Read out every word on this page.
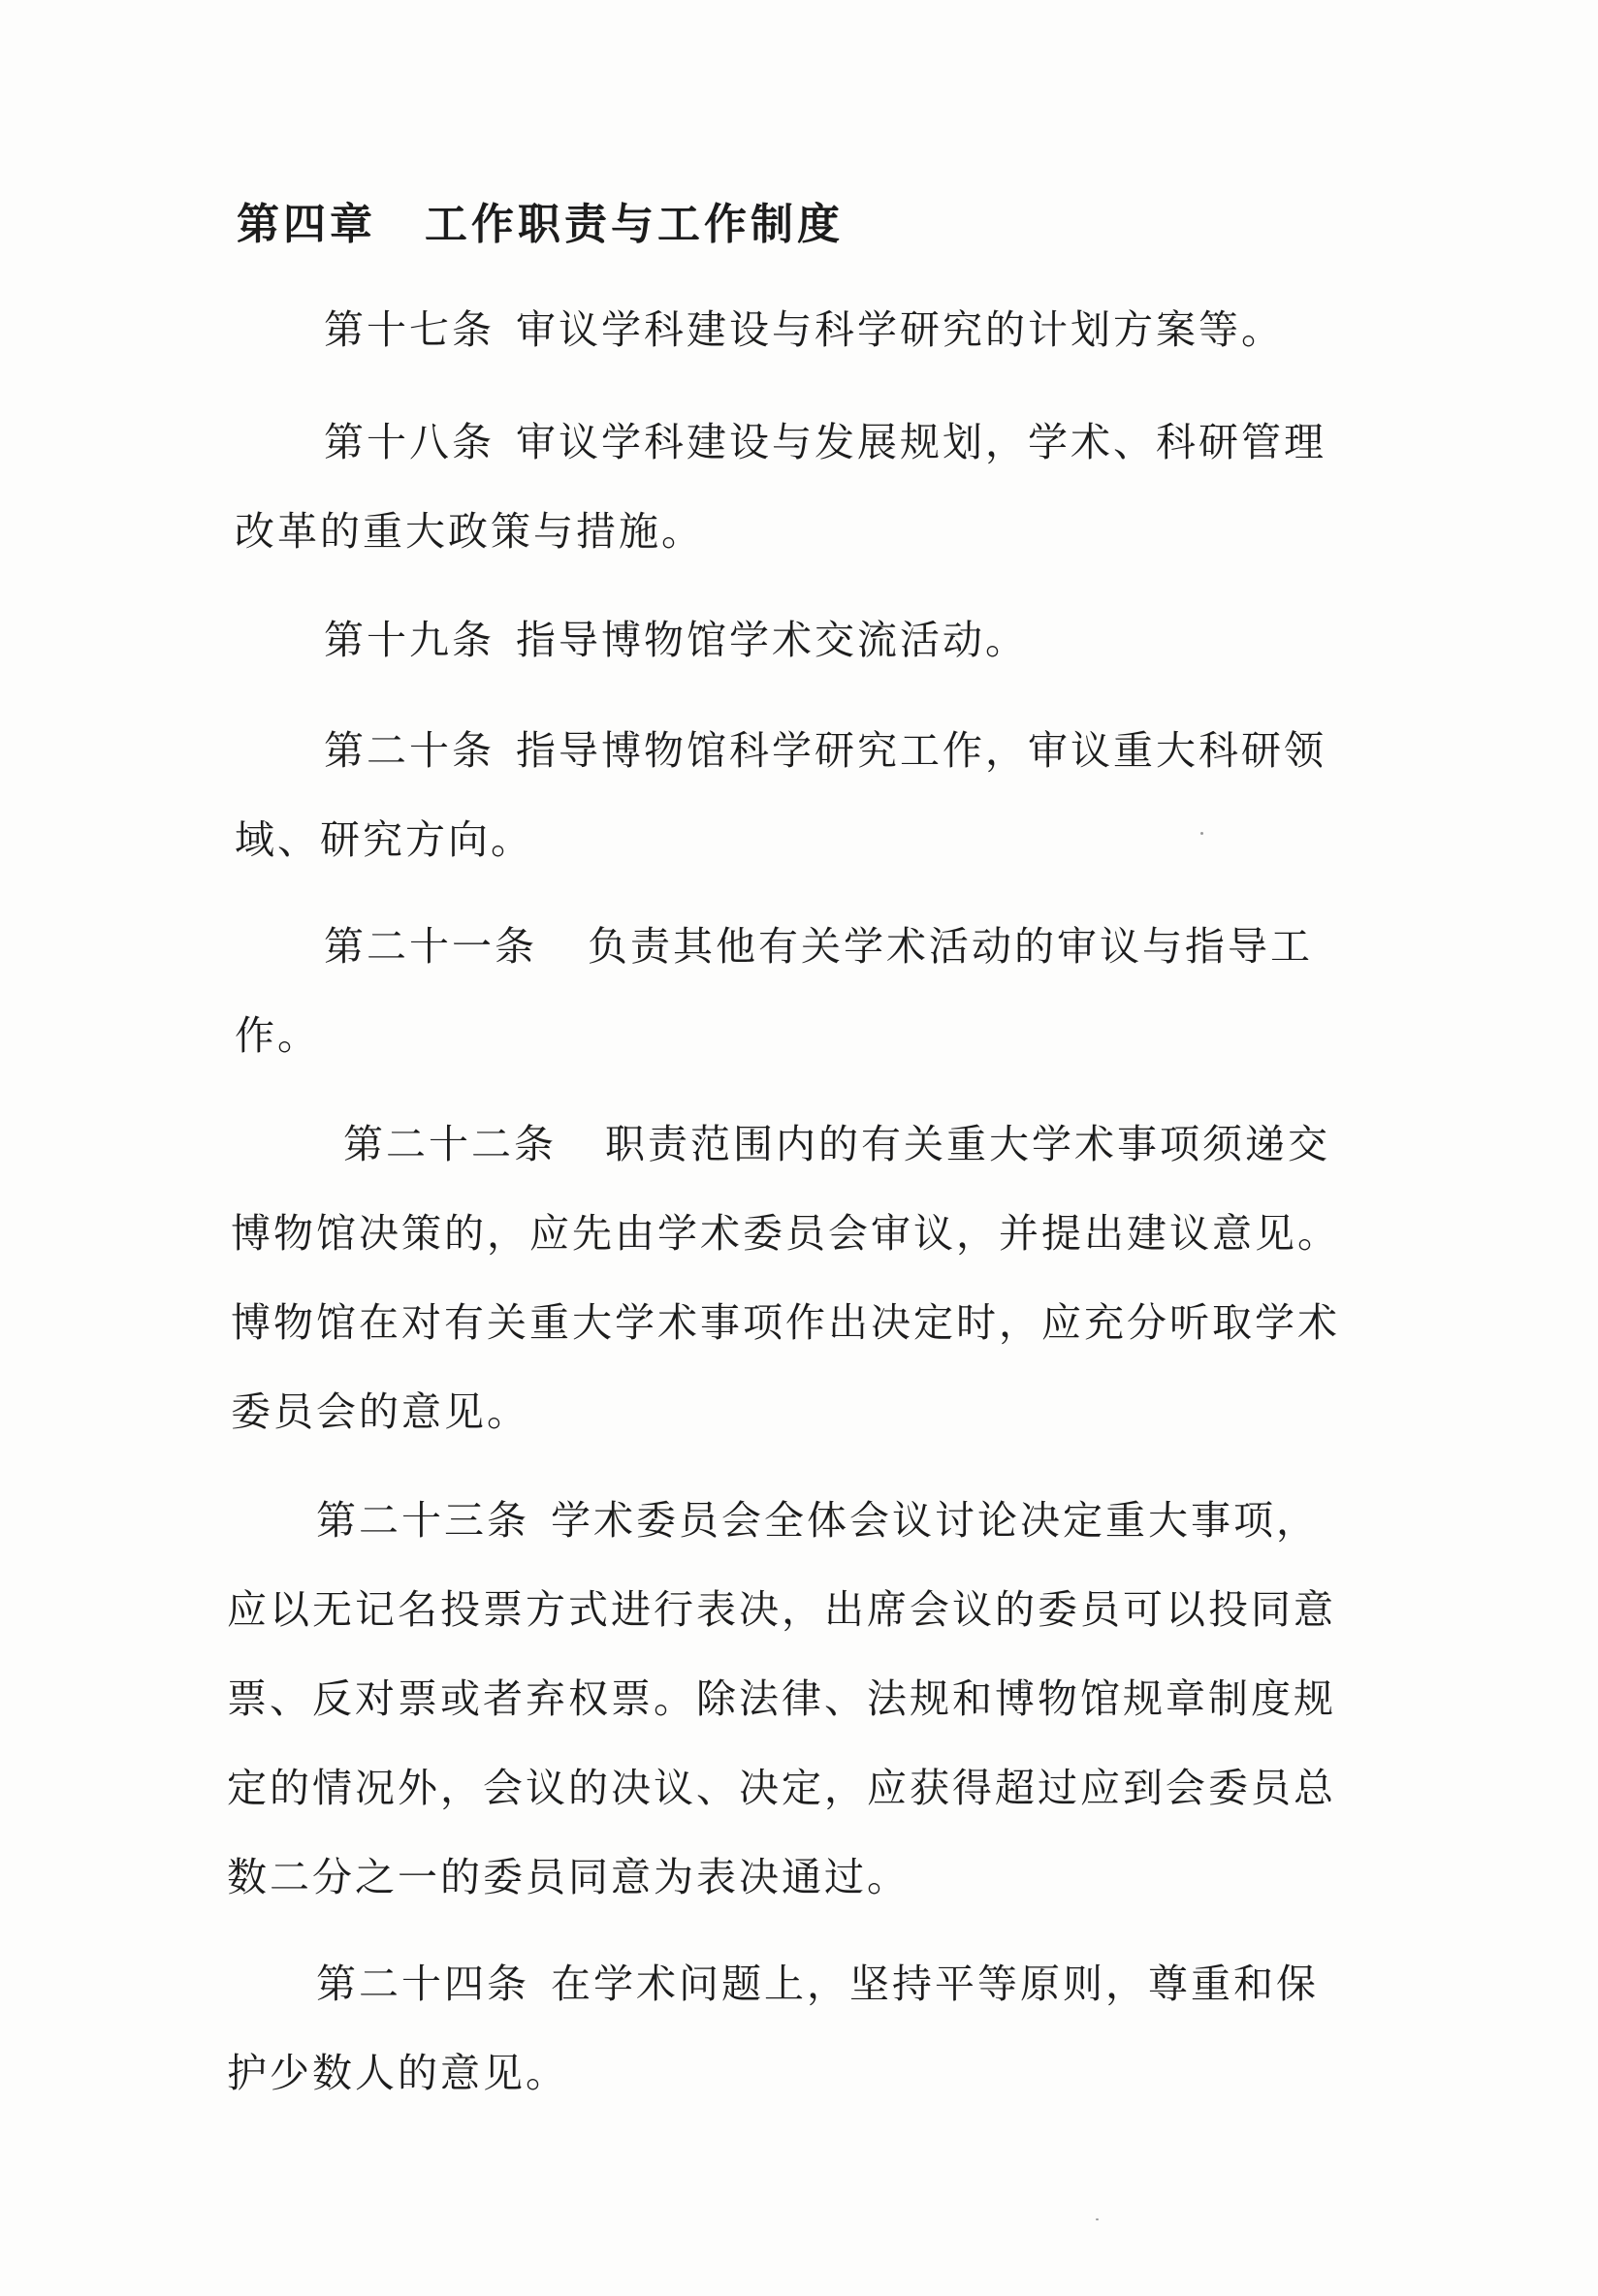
第四章 工作职责与工作制度
第十七条 审议学科建设与科学研究的计划方案等。
第十八条 审议学科建设与发展规划，学术、科研管理
改革的重大政策与措施。
第十九条 指导博物馆学术交流活动。
第二十条 指导博物馆科学研究工作，审议重大科研领
域、研究方向。
第二十一条 负责其他有关学术活动的审议与指导工
作。
第二十二条 职责范围内的有关重大学术事项须递交
博物馆决策的，应先由学术委员会审议，并提出建议意见。
博物馆在对有关重大学术事项作出决定时，应充分听取学术
委员会的意见。
第二十三条 学术委员会全体会议讨论决定重大事项，
应以无记名投票方式进行表决，出席会议的委员可以投同意
票、反对票或者弃权票。除法律、法规和博物馆规章制度规
定的情况外，会议的决议、决定，应获得超过应到会委员总
数二分之一的委员同意为表决通过。
第二十四条 在学术问题上，坚持平等原则，尊重和保
护少数人的意见。
